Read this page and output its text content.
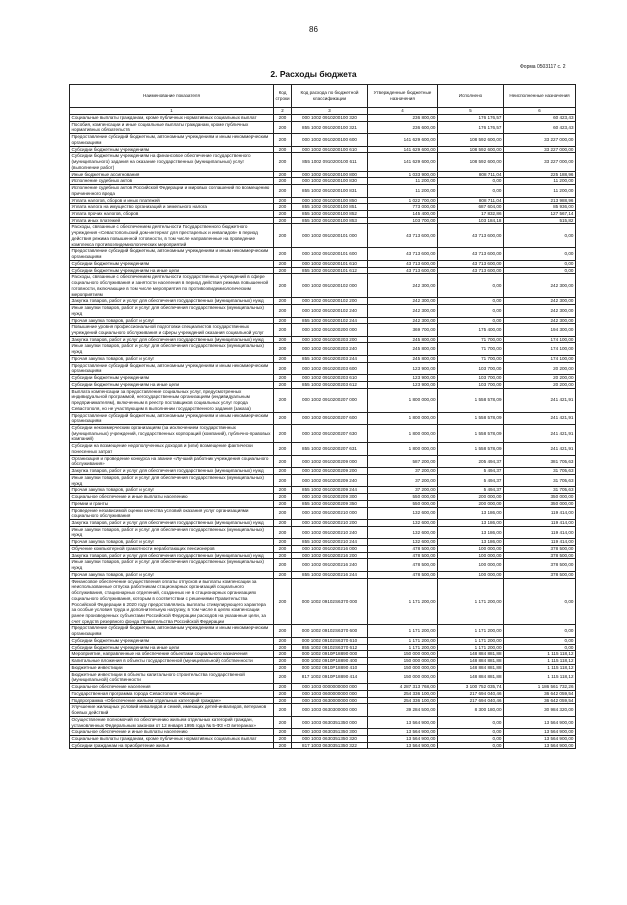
86
Форма 0503117 с. 2
2. Расходы бюджета
Наименование показателя	Код строки	Код расхода по бюджетной классификации	Утвержденные бюджетные назначения	Исполнено	Неисполненные назначения
1	2	3	4	5	6
Социальные выплаты гражданам, кроме публичных нормативных социальных выплат	200	000 1002 0910200100 320	236 800,00	176 176,57	60 423,43
Пособия, компенсации и иные социальные выплаты гражданам, кроме публичных нормативных обязательств	200	855 1002 0910200100 321	236 600,00	176 176,57	60 423,43
Предоставление субсидий бюджетным, автономным учреждениям и иным некоммерческим организациям	200	000 1002 0910200100 600	141 629 600,00	108 592 600,00	33 227 000,00
Субсидии бюджетным учреждениям	200	000 1002 0910200100 610	141 629 600,00	108 592 600,00	33 227 000,00
Субсидии бюджетным учреждениям на финансовое обеспечение государственного (муниципального) задания на оказание государственных (муниципальных) услуг (выполнение работ)	200	855 1002 0910200100 611	141 629 600,00	108 592 600,00	33 227 000,00
Иные бюджетные ассигнования	200	000 1002 0910200100 800	1 033 900,00	808 711,04	225 188,96
Исполнение судебных актов	200	000 1002 0910200100 830	11 200,00	0,00	11 200,00
Исполнение судебных актов Российской Федерации и мировых соглашений по возмещению причиненного вреда	200	855 1002 0910200100 831	11 200,00	0,00	11 200,00
Уплата налогов, сборов и иных платежей	200	000 1002 0910200100 850	1 022 700,00	808 711,04	213 988,96
Уплата налога на имущество организаций и земельного налога	200	855 1002 0910200100 851	773 000,00	687 604,00	85 936,00
Уплата прочих налогов, сборов	200	855 1002 0910200100 852	145 400,00	17 832,86	127 567,14
Уплата иных платежей	200	855 1002 0910200100 853	103 700,00	103 184,18	515,82
Расходы, связанные с обеспечением деятельности Государственного бюджетного учреждения «Севастопольский дом-интернат для престарелых и инвалидов» в период действия режима повышенной готовности, в том числе направленные на проведение комплекса противоэпидемиологических мероприятий	200	000 1002 0910200101 000	43 713 600,00	43 713 600,00	0,00
Предоставление субсидий бюджетным, автономным учреждениям и иным некоммерческим организациям	200	000 1002 0910200101 600	43 713 600,00	43 713 600,00	0,00
Субсидии бюджетным учреждениям	200	000 1002 0910200101 610	43 713 600,00	43 713 600,00	0,00
Субсидии бюджетным учреждениям на иные цели	200	855 1002 0910200101 612	43 713 600,00	43 713 600,00	0,00
Расходы, связанные с обеспечением деятельности государственных учреждений в сфере социального обслуживания и занятости населения в период действия режима повышенной готовности, включающие в том числе мероприятия по противоэпидемиологическим мероприятиям	200	000 1002 0910200102 000	242 300,00	0,00	242 300,00
Закупка товаров, работ и услуг для обеспечения государственных (муниципальных) нужд	200	000 1002 0910200102 200	242 300,00	0,00	242 300,00
Иные закупки товаров, работ и услуг для обеспечения государственных (муниципальных) нужд	200	000 1002 0910200102 240	242 300,00	0,00	242 300,00
Прочая закупка товаров, работ и услуг	200	855 1002 0910200102 244	242 300,00	0,00	242 300,00
Повышение уровня профессиональной подготовки специалистов государственных учреждений социального обслуживания и сферы учреждений оказания социальной услуг	200	000 1002 0910200200 000	369 700,00	175 400,00	194 300,00
Закупка товаров, работ и услуг для обеспечения государственных (муниципальных) нужд	200	000 1002 0910200203 200	245 800,00	71 700,00	174 100,00
Иные закупки товаров, работ и услуг для обеспечения государственных (муниципальных) нужд	200	000 1002 0910200203 240	245 800,00	71 700,00	174 100,00
Прочая закупка товаров, работ и услуг	200	855 1002 0910200203 244	245 800,00	71 700,00	174 100,00
Предоставление субсидий бюджетным, автономным учреждениям и иным некоммерческим организациям	200	000 1002 0910200203 600	123 900,00	103 700,00	20 200,00
Субсидии бюджетным учреждениям	200	000 1002 0910200203 610	123 900,00	103 700,00	20 200,00
Субсидии бюджетным учреждениям на иные цели	200	855 1002 0910200203 612	123 900,00	103 700,00	20 200,00
Выплата компенсации за предоставление социальных услуг, предусмотренных индивидуальной программой, негосударственным организациям (индивидуальным предпринимателям), включенным в реестр поставщиков социальных услуг города Севастополя, но не участвующим в выполнении государственного задания (заказа)	200	000 1002 0910200207 000	1 800 000,00	1 558 578,09	241 421,91
Предоставление субсидий бюджетным, автономным учреждениям и иным некоммерческим организациям	200	000 1002 0910200207 600	1 800 000,00	1 558 578,09	241 421,91
Субсидии некоммерческим организациям (за исключением государственных (муниципальных) учреждений, государственных корпораций (компаний), публично-правовых компаний)	200	000 1002 0910200207 630	1 800 000,00	1 558 578,09	241 421,91
Субсидии на возмещение недополученных доходов и (или) возмещение фактически понесенных затрат	200	855 1002 0910200207 631	1 800 000,00	1 558 578,09	241 421,91
Организация и проведение конкурса на звание «Лучший работник учреждения социального обслуживания»	200	000 1002 0910200209 000	587 200,00	205 494,37	381 705,63
Закупка товаров, работ и услуг для обеспечения государственных (муниципальных) нужд	200	000 1002 0910200209 200	37 200,00	5 494,37	31 705,63
Иные закупки товаров, работ и услуг для обеспечения государственных (муниципальных) нужд	200	000 1002 0910200209 240	37 200,00	5 494,37	31 705,63
Прочая закупка товаров, работ и услуг	200	855 1002 0910200209 244	37 200,00	5 494,37	31 705,63
Социальное обеспечение и иные выплаты населению	200	000 1002 0910200209 300	550 000,00	200 000,00	350 000,00
Премии и гранты	200	855 1002 0910200209 350	550 000,00	200 000,00	350 000,00
Проведение независимой оценки качества условий оказания услуг организациями социального обслуживания	200	000 1002 0910200210 000	132 600,00	13 186,00	119 414,00
Закупка товаров, работ и услуг для обеспечения государственных (муниципальных) нужд	200	000 1002 0910200210 200	132 600,00	13 186,00	119 414,00
Иные закупки товаров, работ и услуг для обеспечения государственных (муниципальных) нужд	200	000 1002 0910200210 240	132 600,00	13 186,00	119 414,00
Прочая закупка товаров, работ и услуг	200	855 1002 0910200210 244	132 600,00	13 186,00	119 414,00
Обучение компьютерной грамотности неработающих пенсионеров	200	000 1002 0910200216 000	478 500,00	100 000,00	378 500,00
Закупка товаров, работ и услуг для обеспечения государственных (муниципальных) нужд	200	000 1002 0910200216 200	478 500,00	100 000,00	378 500,00
Иные закупки товаров, работ и услуг для обеспечения государственных (муниципальных) нужд	200	000 1002 0910200216 240	478 500,00	100 000,00	378 500,00
Прочая закупка товаров, работ и услуг	200	855 1002 0910200216 244	478 500,00	100 000,00	378 500,00
Финансовое обеспечение осуществления оплаты отпусков и выплаты компенсации за неиспользованные отпуска работникам стационарных организаций социального обслуживания, стационарных отделений, созданных не в стационарных организациях социального обслуживания, которым в соответствии с решениями Правительства Российской Федерации в 2020 году предоставлялись выплаты стимулирующего характера за особые условия труда и дополнительную нагрузку, в том числе в целях компенсации ранее произведенных субъектами Российской Федерации расходов на указанные цели, за счет средств резервного фонда Правительства Российской Федерации	200	000 1002 09102S6370 000	1 171 200,00	1 171 200,00	0,00
Предоставление субсидий бюджетным, автономным учреждениям и иным некоммерческим организациям	200	000 1002 09102S6370 600	1 171 200,00	1 171 200,00	0,00
Субсидии бюджетным учреждениям	200	000 1002 09102S6370 610	1 171 200,00	1 171 200,00	0,00
Субсидии бюджетным учреждениям на иные цели	200	855 1002 09102S6370 612	1 171 200,00	1 171 200,00	0,00
Мероприятие, направленные на обеспечение объектами социального назначения	200	000 1002 0910Р18890 000	150 000 000,00	148 884 881,88	1 115 118,12
Капитальные вложения в объекты государственной (муниципальной) собственности	200	000 1002 0910Р18890 400	150 000 000,00	148 884 881,88	1 115 118,12
Бюджетные инвестиции	200	000 1002 0910Р18890 410	150 000 000,00	148 884 881,88	1 115 118,12
Бюджетные инвестиции в объекты капитального строительства государственной (муниципальной) собственности	200	817 1002 0910Р18890 414	150 000 000,00	148 884 881,88	1 115 118,12
Социальное обеспечение населения	200	000 1003 0000000000 000	4 287 313 768,00	3 100 752 035,74	1 186 561 732,26
Государственная программа города Севастополя «Жилище»	200	000 1003 0600000000 000	254 336 100,00	217 694 040,46	36 642 059,54
Подпрограмма «Обеспечение жильем отдельных категорий граждан»	200	000 1003 0630000000 000	254 336 100,00	217 694 040,46	36 642 059,54
Улучшение жилищных условий инвалидов и семей, имеющих детей-инвалидов, ветеранов боевых действий	200	000 1003 0630300000 000	39 284 500,00	8 300 180,00	30 984 320,00
Осуществление полномочий по обеспечению жильем отдельных категорий граждан, установленных Федеральным законом от 12 января 1995 года № 5-ФЗ «О ветеранах»	200	000 1003 0630351350 000	13 564 900,00	0,00	13 564 900,00
Социальное обеспечение и иные выплаты населению	200	000 1003 0630351350 300	13 564 900,00	0,00	13 564 900,00
Социальные выплаты гражданам, кроме публичных нормативных социальных выплат	200	000 1003 0630351350 320	13 564 900,00	0,00	13 564 900,00
Субсидии гражданам на приобретение жилья	200	817 1003 0630351350 322	13 564 900,00	0,00	13 564 900,00
